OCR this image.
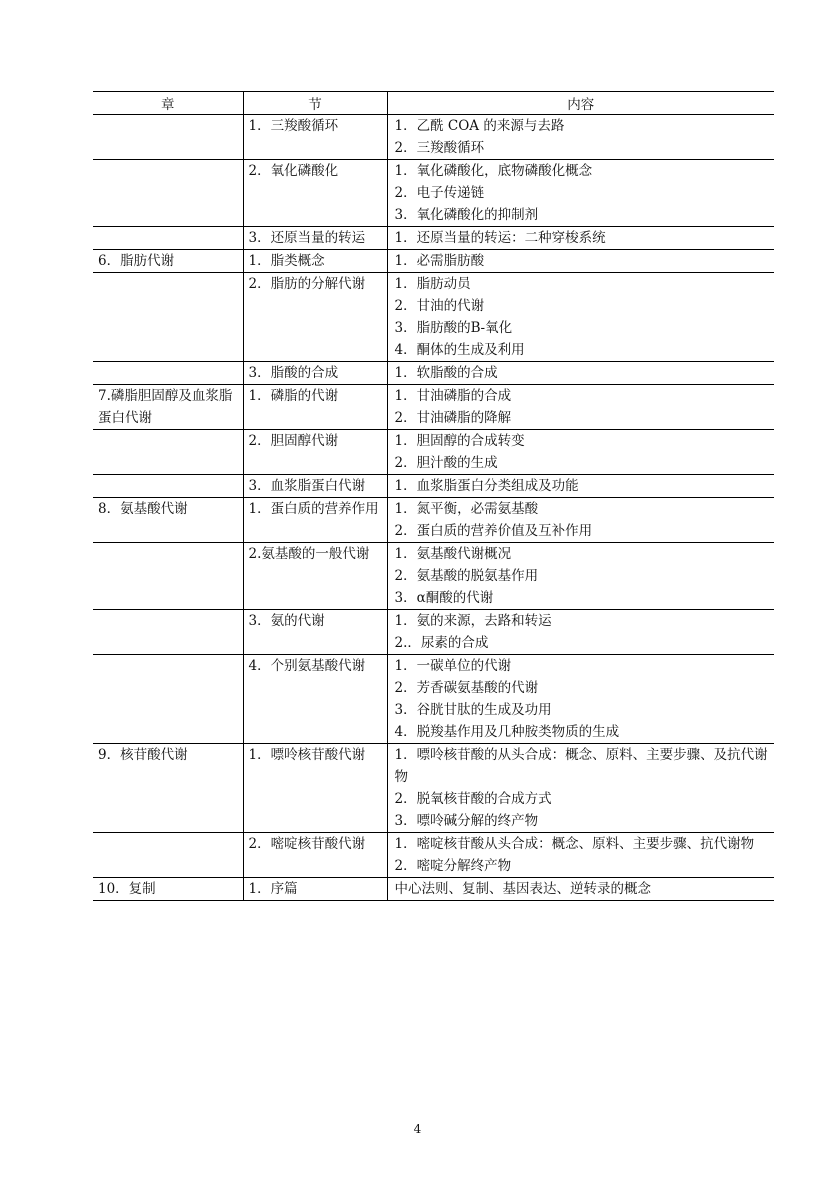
章	节	内容
	1．三羧酸循环	1．乙酰 COA 的来源与去路
2．三羧酸循环

	2．氧化磷酸化	1．氧化磷酸化，底物磷酸化概念
2．电子传递链
3．氧化磷酸化的抑制剂

	3．还原当量的转运	1．还原当量的转运：二种穿梭系统

6．脂肪代谢	1．脂类概念	1．必需脂肪酸

	2．脂肪的分解代谢	1．脂肪动员
2．甘油的代谢
3．脂肪酸的Β-氧化
4．酮体的生成及利用

	3．脂酸的合成	1．软脂酸的合成

7.磷脂胆固醇及血浆脂蛋白代谢	1．磷脂的代谢	1．甘油磷脂的合成
2．甘油磷脂的降解

	2．胆固醇代谢	1．胆固醇的合成转变
2．胆汁酸的生成

	3．血浆脂蛋白代谢	1．血浆脂蛋白分类组成及功能

8．氨基酸代谢	1．蛋白质的营养作用	1．氮平衡，必需氨基酸
2．蛋白质的营养价值及互补作用

	2.氨基酸的一般代谢	1．氨基酸代谢概况
2．氨基酸的脱氨基作用
3．α酮酸的代谢

	3．氨的代谢	1．氨的来源，去路和转运
2.．尿素的合成

	4．个别氨基酸代谢	1．一碳单位的代谢
2．芳香碳氨基酸的代谢
3．谷胱甘肽的生成及功用
4．脱羧基作用及几种胺类物质的生成

9．核苷酸代谢	1．嘌呤核苷酸代谢	1．嘌呤核苷酸的从头合成：概念、原料、主要步骤、及抗代谢物
2．脱氧核苷酸的合成方式
3．嘌呤碱分解的终产物

	2．嘧啶核苷酸代谢	1．嘧啶核苷酸从头合成：概念、原料、主要步骤、抗代谢物
2．嘧啶分解终产物

10．复制	1．序篇	中心法则、复制、基因表达、逆转录的概念
4
